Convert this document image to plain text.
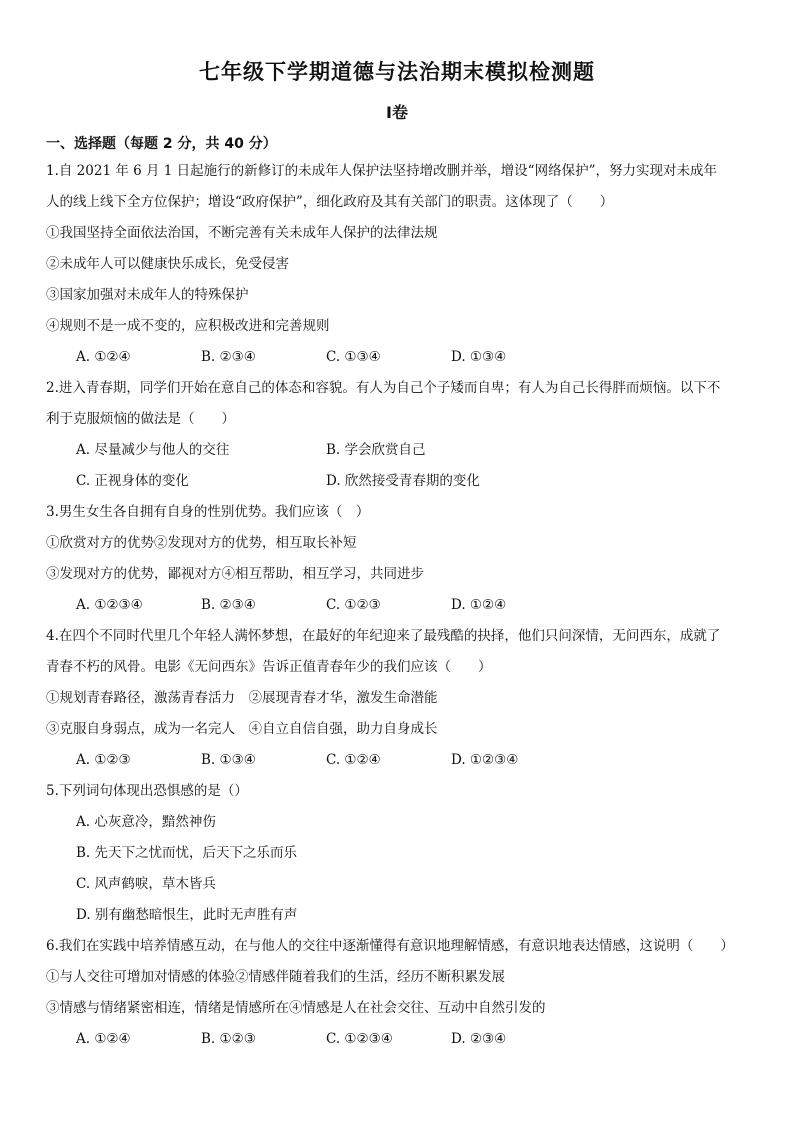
七年级下学期道德与法治期末模拟检测题
Ⅰ卷
一、选择题（每题 2 分，共 40 分）
1.自 2021 年 6 月 1 日起施行的新修订的未成年人保护法坚持增改删并举，增设“网络保护”，努力实现对未成年
人的线上线下全方位保护；增设“政府保护”，细化政府及其有关部门的职责。这体现了（　　）
①我国坚持全面依法治国，不断完善有关未成年人保护的法律法规
②未成年人可以健康快乐成长，免受侵害
③国家加强对未成年人的特殊保护
④规则不是一成不变的，应积极改进和完善规则
A. ①②④	B. ②③④	C. ①③④	D. ①③④
2.进入青春期，同学们开始在意自己的体态和容貌。有人为自己个子矮而自卑；有人为自己长得胖而烦恼。以下不
利于克服烦恼的做法是（　　）
A. 尽量减少与他人的交往	B. 学会欣赏自己
C. 正视身体的变化	D. 欣然接受青春期的变化
3.男生女生各自拥有自身的性别优势。我们应该（　）
①欣赏对方的优势②发现对方的优势，相互取长补短
③发现对方的优势，鄙视对方④相互帮助，相互学习，共同进步
A. ①②③④	B. ②③④	C. ①②③	D. ①②④
4.在四个不同时代里几个年轻人满怀梦想，在最好的年纪迎来了最残酷的抉择，他们只问深情，无问西东，成就了
青春不朽的风骨。电影《无问西东》告诉正值青春年少的我们应该（　　）
①规划青春路径，激荡青春活力　②展现青春才华，激发生命潜能
③克服自身弱点，成为一名完人　④自立自信自强，助力自身成长
A. ①②③	B. ①③④	C. ①②④	D. ①②③④
5.下列词句体现出恐惧感的是（）
A. 心灰意冷，黯然神伤
B. 先天下之忧而忧，后天下之乐而乐
C. 风声鹤唳，草木皆兵
D. 别有幽愁暗恨生，此时无声胜有声
6.我们在实践中培养情感互动，在与他人的交往中逐渐懂得有意识地理解情感，有意识地表达情感，这说明（　　）
①与人交往可增加对情感的体验②情感伴随着我们的生活，经历不断积累发展
③情感与情绪紧密相连，情绪是情感所在④情感是人在社会交往、互动中自然引发的
A. ①②④	B. ①②③	C. ①②③④	D. ②③④
